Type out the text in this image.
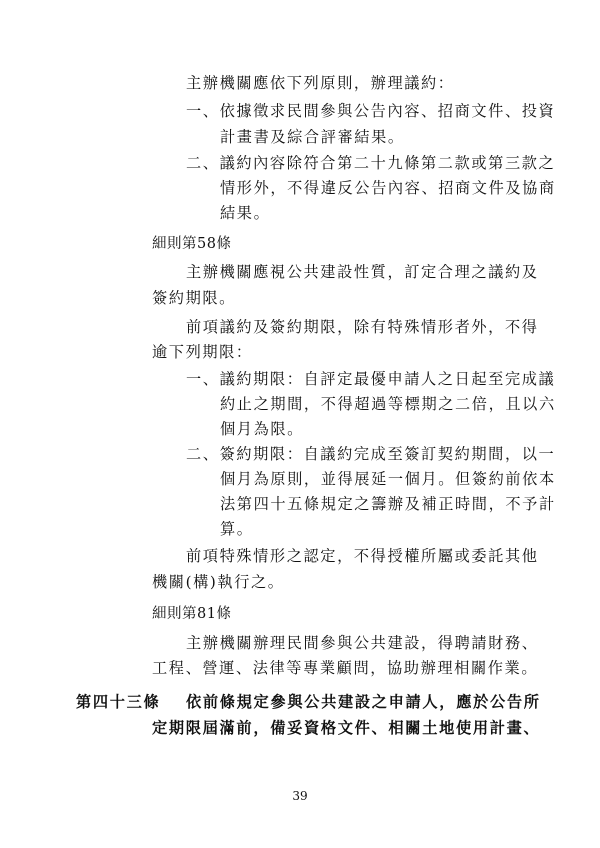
主辦機關應依下列原則，辦理議約：
一、依據徵求民間參與公告內容、招商文件、投資
計畫書及綜合評審結果。
二、議約內容除符合第二十九條第二款或第三款之
情形外，不得違反公告內容、招商文件及協商
結果。
細則第58條
主辦機關應視公共建設性質，訂定合理之議約及
簽約期限。
前項議約及簽約期限，除有特殊情形者外，不得
逾下列期限：
一、議約期限：自評定最優申請人之日起至完成議
約止之期間，不得超過等標期之二倍，且以六
個月為限。
二、簽約期限：自議約完成至簽訂契約期間，以一
個月為原則，並得展延一個月。但簽約前依本
法第四十五條規定之籌辦及補正時間，不予計
算。
前項特殊情形之認定，不得授權所屬或委託其他
機關(構)執行之。
細則第81條
主辦機關辦理民間參與公共建設，得聘請財務、
工程、營運、法律等專業顧問，協助辦理相關作業。
第四十三條 依前條規定參與公共建設之申請人，應於公告所
定期限屆滿前，備妥資格文件、相關土地使用計畫、
39
